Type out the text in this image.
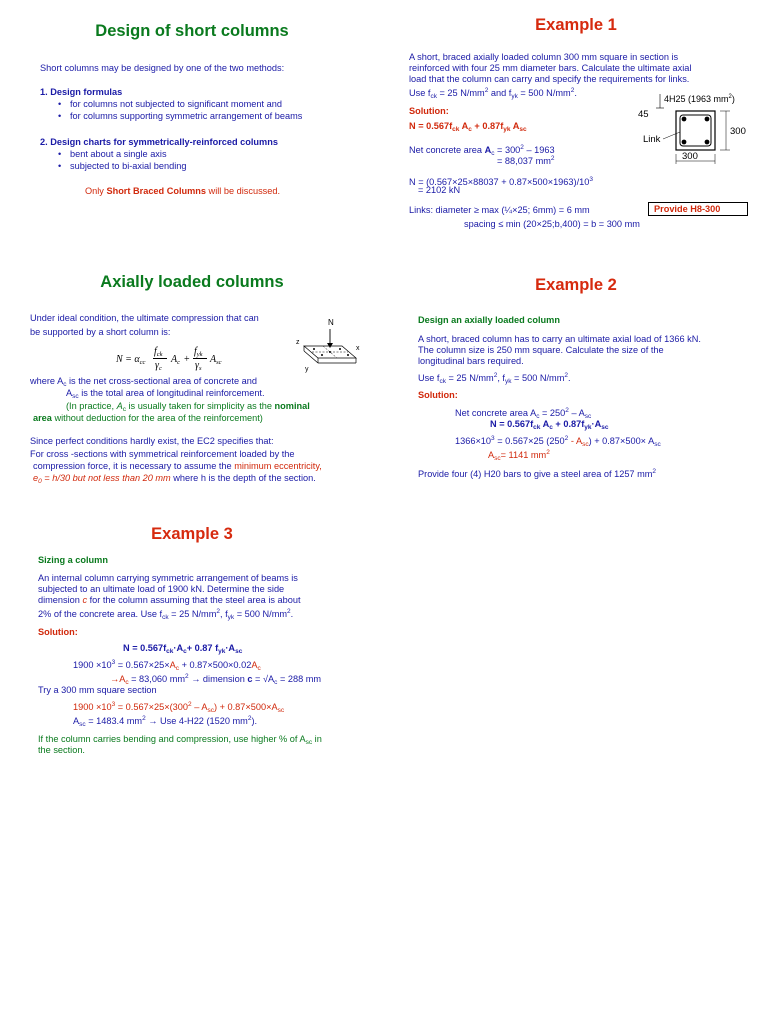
Design of short columns
Short columns may be designed by one of the two methods:
1. Design formulas
• for columns not subjected to significant moment and
• for columns supporting symmetric arrangement of beams
2. Design charts for symmetrically-reinforced columns
• bent about a single axis
• subjected to bi-axial bending
Only Short Braced Columns will be discussed.
Example 1
A short, braced axially loaded column 300 mm square in section is
reinforced with four 25 mm diameter bars. Calculate the ultimate axial
load that the column can carry and specify the requirements for links.
Use $f_{ck} = 25$ $N/mm^2$ and $f_{yk} = 500$ $N/mm^2$.
Solution:
$N = 0.567f_{ck}$ $A_c + 0.87f_{yk}$ $A_{sc}$
Net concrete area $A_c = 300^2 - 1963$
= 88,037 $mm^2$
$N = (0.567\times 25\times 88037 + 0.87\times 500\times 1963)/10^3$
= 2102 kN
Links: diameter ≥ max (¼×25; 6mm) = 6 mm
spacing ≤ min (20×25;b,400) = b = 300 mm
Provide H8-300
4H25 (1963 $mm^2$)
45
Link
300
300
Axially loaded columns
Under ideal condition, the ultimate compression that can
be supported by a short column is:
$N = \alpha_{cc}$
$f_{ck}$
$\gamma_c$
$A_c$ +
$f_{yk}$
$\gamma_s$
$A_{sc}$
N
z
x
y
where $A_c$ is the net cross-sectional area of concrete and
$A_{sc}$ is the total area of longitudinal reinforcement.
(In practice, $A_c$ is usually taken for simplicity as the nominal
area without deduction for the area of the reinforcement)
Since perfect conditions hardly exist, the EC2 specifies that:
For cross -sections with symmetrical reinforcement loaded by the
compression force, it is necessary to assume the minimum eccentricity,
$e_0 = h/30$ but not less than 20 mm where h is the depth of the section.
Example 2
Design an axially loaded column
A short, braced column has to carry an ultimate axial load of 1366 kN.
The column size is 250 mm square. Calculate the size of the
longitudinal bars required.
Use $f_{ck} = 25$ $N/mm^2$, $f_{yk} = 500$ $N/mm^2$.
Solution:
Net concrete area $A_c = 250^2 - A_{sc}$
$N = 0.567f_{ck}$ $A_c + 0.87f_{yk}\cdot A_{sc}$
$1366\times 10^3 = 0.567\times 25$ $(250^2 - A_{sc}) + 0.87\times 500\times A_{sc}$
$A_{sc}= 1141$ $mm^2$
Provide four (4) H20 bars to give a steel area of 1257 $mm^2$
Example 3
Sizing a column
An internal column carrying symmetric arrangement of beams is
subjected to an ultimate load of 1900 kN. Determine the side
dimension c for the column assuming that the steel area is about
2% of the concrete area. Use $f_{ck} = 25$ $N/mm^2$, $f_{yk} = 500$ $N/mm^2$.
Solution:
$N = 0.567f_{ck}\cdot A_c+ 0.87$ $f_{yk}\cdot A_{sc}$
$1900 \times 10^3 = 0.567\times 25\times A_c + 0.87\times 500\times 0.02A_c$
$\to A_c = 83,060$ $mm^2$ → dimension $c = √A_c = 288$ mm
Try a 300 mm square section
$1900 \times 10^3 = 0.567\times 25\times(300^2 - A_{sc}) + 0.87\times 500\times A_{sc}$
$A_{sc} = 1483.4$ $mm^2$ → Use 4-H22 (1520 $mm^2$).
If the column carries bending and compression, use higher % of $A_{sc}$ in
the section.
